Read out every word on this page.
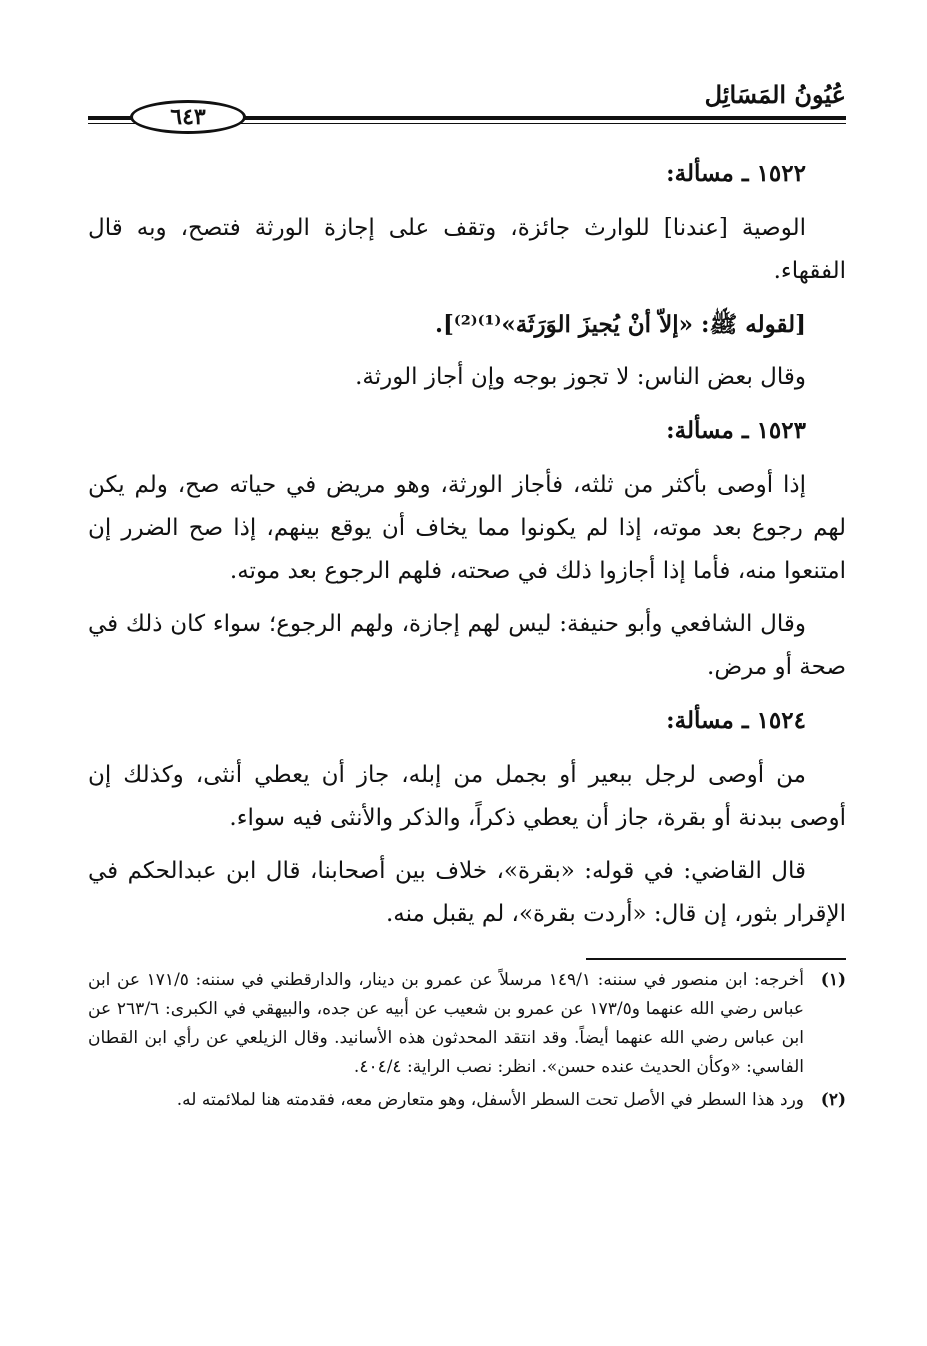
عُيُونُ المَسَائِل
٦٤٣
١٥٢٢ ـ مسألة:

الوصية [عندنا] للوارث جائزة، وتقف على إجازة الورثة فتصح، وبه قال الفقهاء.

[لقوله ﷺ: «إلاّ أنْ يُجيزَ الوَرَثَة»⁽¹⁾⁽²⁾].

وقال بعض الناس: لا تجوز بوجه وإن أجاز الورثة.

١٥٢٣ ـ مسألة:

إذا أوصى بأكثر من ثلثه، فأجاز الورثة، وهو مريض في حياته صح، ولم يكن لهم رجوع بعد موته، إذا لم يكونوا مما يخاف أن يوقع بينهم، إذا صح الضرر إن امتنعوا منه، فأما إذا أجازوا ذلك في صحته، فلهم الرجوع بعد موته.

وقال الشافعي وأبو حنيفة: ليس لهم إجازة، ولهم الرجوع؛ سواء كان ذلك في صحة أو مرض.

١٥٢٤ ـ مسألة:

من أوصى لرجل ببعير أو بجمل من إبله، جاز أن يعطي أنثى، وكذلك إن أوصى ببدنة أو بقرة، جاز أن يعطي ذكراً، والذكر والأنثى فيه سواء.

قال القاضي: في قوله: «بقرة»، خلاف بين أصحابنا، قال ابن عبدالحكم في الإقرار بثور، إن قال: «أردت بقرة»، لم يقبل منه.

(١)
أخرجه: ابن منصور في سننه: ١٤٩/١ مرسلاً عن عمرو بن دينار، والدارقطني في سننه: ١٧١/٥ عن ابن عباس رضي الله عنهما و١٧٣/٥ عن عمرو بن شعيب عن أبيه عن جده، والبيهقي في الكبرى: ٢٦٣/٦ عن ابن عباس رضي الله عنهما أيضاً. وقد انتقد المحدثون هذه الأسانيد. وقال الزيلعي عن رأي ابن القطان الفاسي: «وكأن الحديث عنده حسن». انظر: نصب الراية: ٤٠٤/٤.
(٢)
ورد هذا السطر في الأصل تحت السطر الأسفل، وهو متعارض معه، فقدمته هنا لملائمته له.
